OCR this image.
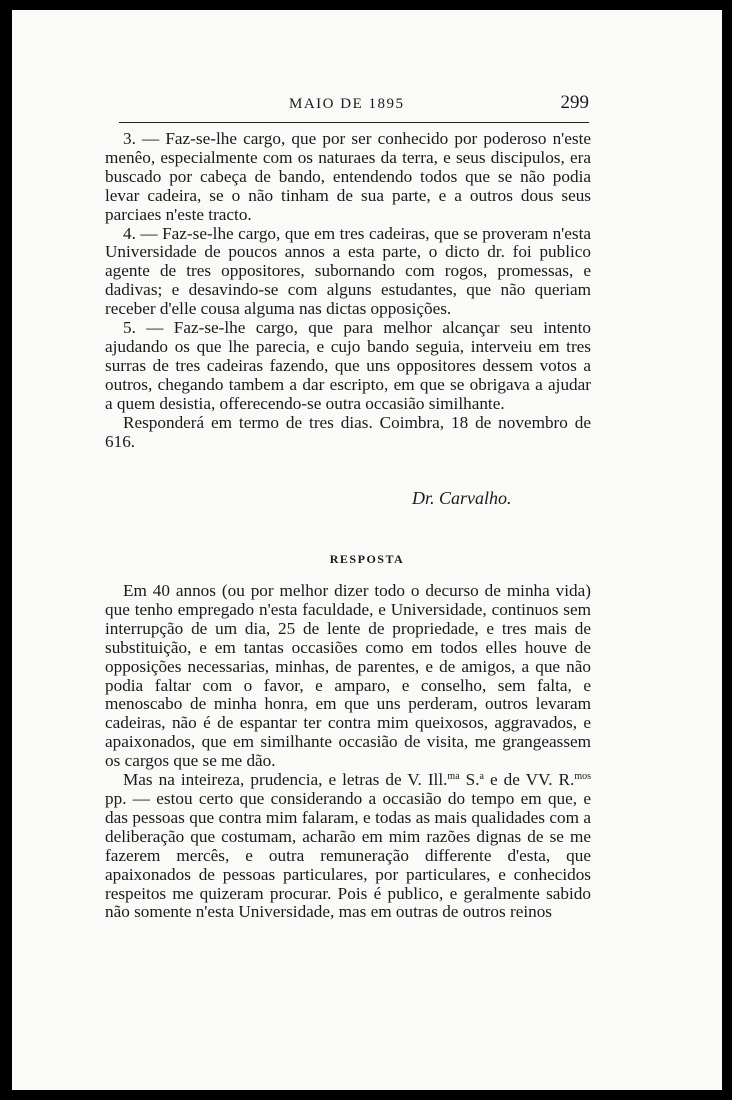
MAIO DE 1895	299

3. — Faz-se-lhe cargo, que por ser conhecido por poderoso n'este menêo, especialmente com os naturaes da terra, e seus discipulos, era buscado por cabeça de bando, entendendo todos que se não podia levar cadeira, se o não tinham de sua parte, e a outros dous seus parciaes n'este tracto.

4. — Faz-se-lhe cargo, que em tres cadeiras, que se proveram n'esta Universidade de poucos annos a esta parte, o dicto dr. foi publico agente de tres oppositores, subornando com rogos, promessas, e dadivas; e desavindo-se com alguns estudantes, que não queriam receber d'elle cousa alguma nas dictas opposições.

5. — Faz-se-lhe cargo, que para melhor alcançar seu intento ajudando os que lhe parecia, e cujo bando seguia, interveiu em tres surras de tres cadeiras fazendo, que uns oppositores dessem votos a outros, chegando tambem a dar escripto, em que se obrigava a ajudar a quem desistia, offerecendo-se outra occasião similhante.

Responderá em termo de tres dias. Coimbra, 18 de novembro de 616.

Dr. Carvalho.
RESPOSTA

Em 40 annos (ou por melhor dizer todo o decurso de minha vida) que tenho empregado n'esta faculdade, e Universidade, continuos sem interrupção de um dia, 25 de lente de propriedade, e tres mais de substituição, e em tantas occasiões como em todos elles houve de opposições necessarias, minhas, de parentes, e de amigos, a que não podia faltar com o favor, e amparo, e conselho, sem falta, e menoscabo de minha honra, em que uns perderam, outros levaram cadeiras, não é de espantar ter contra mim queixosos, aggravados, e apaixonados, que em similhante occasião de visita, me grangeassem os cargos que se me dão.

Mas na inteireza, prudencia, e letras de V. Ill.$^{ma}$ S.$^a$ e de VV. R.$^{mos}$ pp. — estou certo que considerando a occasião do tempo em que, e das pessoas que contra mim falaram, e todas as mais qualidades com a deliberação que costumam, acharão em mim razões dignas de se me fazerem mercês, e outra remuneração differente d'esta, que apaixonados de pessoas particulares, por particulares, e conhecidos respeitos me quizeram procurar. Pois é publico, e geralmente sabido não somente n'esta Universidade, mas em outras de outros reinos
